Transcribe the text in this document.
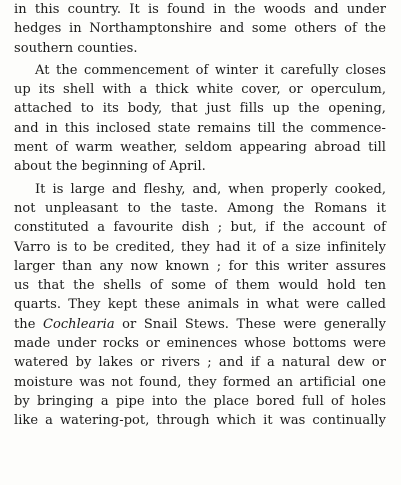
in this country. It is found in the woods and under
hedges in Northamptonshire and some others of the
southern counties.
At the commencement of winter it carefully closes
up its shell with a thick white cover, or operculum,
attached to its body, that just fills up the opening,
and in this inclosed state remains till the commence-
ment of warm weather, seldom appearing abroad till
about the beginning of April.
It is large and fleshy, and, when properly cooked,
not unpleasant to the taste. Among the Romans it
constituted a favourite dish ; but, if the account of
Varro is to be credited, they had it of a size infinitely
larger than any now known ; for this writer assures
us that the shells of some of them would hold ten
quarts. They kept these animals in what were called
the Cochlearia or Snail Stews. These were generally
made under rocks or eminences whose bottoms were
watered by lakes or rivers ; and if a natural dew or
moisture was not found, they formed an artificial one
by bringing a pipe into the place bored full of holes
like a watering-pot, through which it was continually
